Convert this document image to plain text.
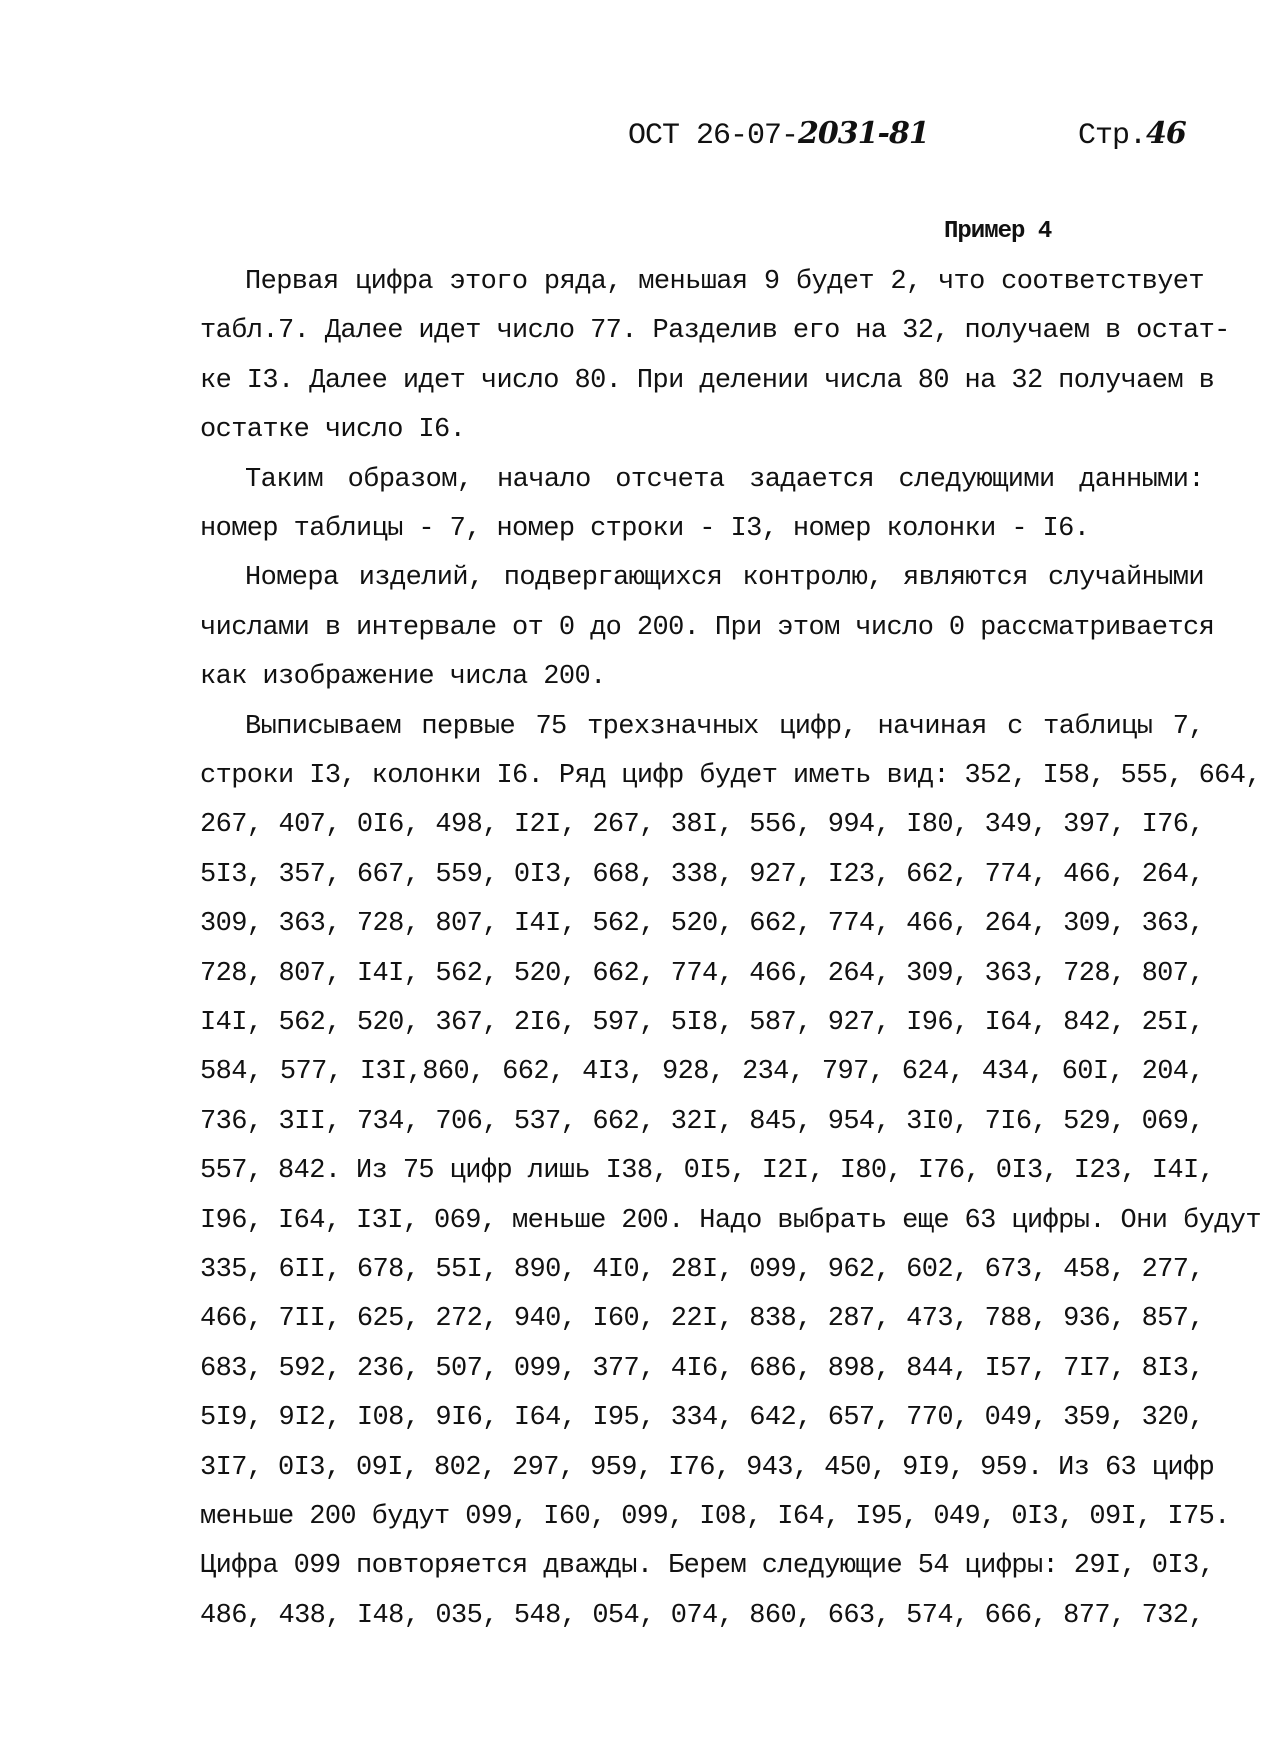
ОСТ 26-07-2031-81	Стр.46
Пример 4
Первая цифра этого ряда, меньшая 9 будет 2, что соответствует
табл.7. Далее идет число 77. Разделив его на 32, получаем в остат-
ке I3. Далее идет число 80. При делении числа 80 на 32 получаем в
остатке число I6.
Таким образом, начало отсчета задается следующими данными:
номер таблицы - 7, номер строки - I3, номер колонки - I6.
Номера изделий, подвергающихся контролю, являются случайными
числами в интервале от 0 до 200. При этом число 0 рассматривается
как изображение числа 200.
Выписываем первые 75 трехзначных цифр, начиная с таблицы 7,
строки I3, колонки I6. Ряд цифр будет иметь вид: 352, I58, 555, 664,
267, 407, 0I6, 498, I2I, 267, 38I, 556, 994, I80, 349, 397, I76,
5I3, 357, 667, 559, 0I3, 668, 338, 927, I23, 662, 774, 466, 264,
309, 363, 728, 807, I4I, 562, 520, 662, 774, 466, 264, 309, 363,
728, 807, I4I, 562, 520, 662, 774, 466, 264, 309, 363, 728, 807,
I4I, 562, 520, 367, 2I6, 597, 5I8, 587, 927, I96, I64, 842, 25I,
584, 577, I3I,860, 662, 4I3, 928, 234, 797, 624, 434, 60I, 204,
736, 3II, 734, 706, 537, 662, 32I, 845, 954, 3I0, 7I6, 529, 069,
557, 842. Из 75 цифр лишь I38, 0I5, I2I, I80, I76, 0I3, I23, I4I,
I96, I64, I3I, 069, меньше 200. Надо выбрать еще 63 цифры. Они будут
335, 6II, 678, 55I, 890, 4I0, 28I, 099, 962, 602, 673, 458, 277,
466, 7II, 625, 272, 940, I60, 22I, 838, 287, 473, 788, 936, 857,
683, 592, 236, 507, 099, 377, 4I6, 686, 898, 844, I57, 7I7, 8I3,
5I9, 9I2, I08, 9I6, I64, I95, 334, 642, 657, 770, 049, 359, 320,
3I7, 0I3, 09I, 802, 297, 959, I76, 943, 450, 9I9, 959. Из 63 цифр
меньше 200 будут 099, I60, 099, I08, I64, I95, 049, 0I3, 09I, I75.
Цифра 099 повторяется дважды. Берем следующие 54 цифры: 29I, 0I3,
486, 438, I48, 035, 548, 054, 074, 860, 663, 574, 666, 877, 732,
